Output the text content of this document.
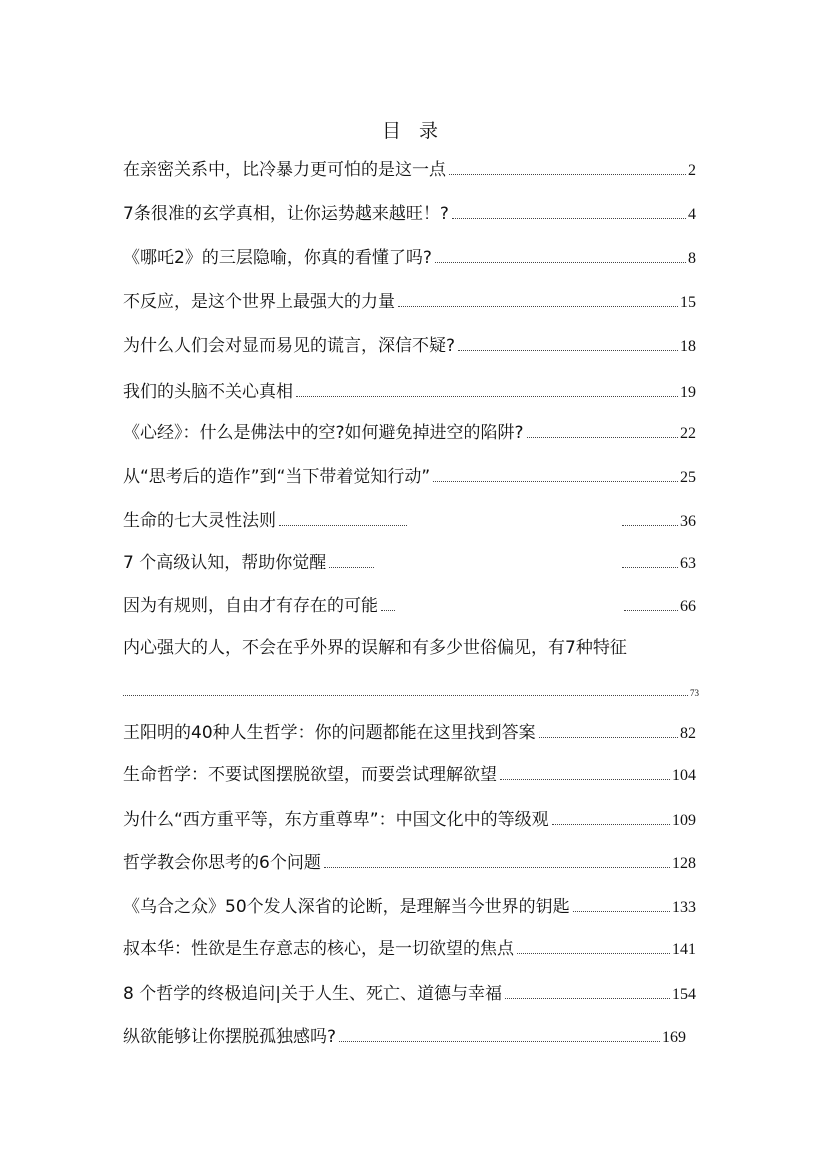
目 录
在亲密关系中，比冷暴力更可怕的是这一点	2
7条很准的玄学真相，让你运势越来越旺！?	4
《哪吒2》的三层隐喻，你真的看懂了吗?	8
不反应，是这个世界上最强大的力量	15
为什么人们会对显而易见的谎言，深信不疑?	18
我们的头脑不关心真相	19
《心经》：什么是佛法中的空?如何避免掉进空的陷阱?	22
从“思考后的造作”到“当下带着觉知行动”	25
生命的七大灵性法则	36
7 个高级认知，帮助你觉醒	63
因为有规则，自由才有存在的可能	66
内心强大的人，不会在乎外界的误解和有多少世俗偏见，有7种特征
73
王阳明的40种人生哲学：你的问题都能在这里找到答案	82
生命哲学：不要试图摆脱欲望，而要尝试理解欲望	104
为什么“西方重平等，东方重尊卑”：中国文化中的等级观	109
哲学教会你思考的6个问题	128
《乌合之众》50个发人深省的论断，是理解当今世界的钥匙	133
叔本华：性欲是生存意志的核心，是一切欲望的焦点	141
8 个哲学的终极追问|关于人生、死亡、道德与幸福	154
纵欲能够让你摆脱孤独感吗?	169
